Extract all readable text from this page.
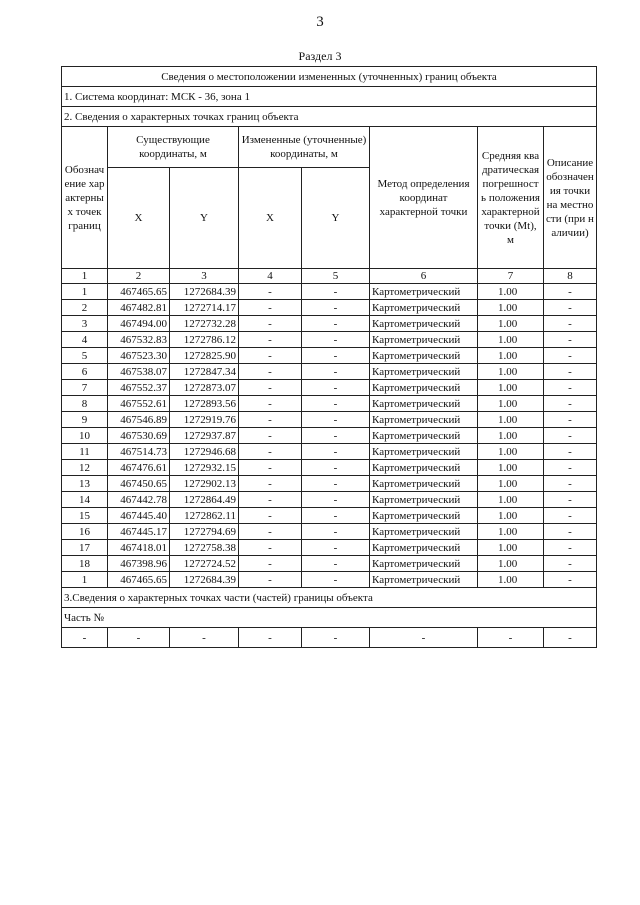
3
Раздел 3
Сведения о местоположении измененных (уточненных) границ объекта							
1. Система координат: МСК - 36, зона 1							
2. Сведения о характерных точках границ объекта							
Обозначение характерных точек границ	Существующие координаты, м		Измененные (уточненные) координаты, м		Метод определения координат характерной точки	Средняя квадратическая погрешность положения характерной точки (Mt), м	Описание обозначения точки на местности (при наличии)
	X	Y	X	Y			
1	2	3	4	5	6	7	8
1	467465.65	1272684.39	-	-	Картометрический	1.00	-
2	467482.81	1272714.17	-	-	Картометрический	1.00	-
3	467494.00	1272732.28	-	-	Картометрический	1.00	-
4	467532.83	1272786.12	-	-	Картометрический	1.00	-
5	467523.30	1272825.90	-	-	Картометрический	1.00	-
6	467538.07	1272847.34	-	-	Картометрический	1.00	-
7	467552.37	1272873.07	-	-	Картометрический	1.00	-
8	467552.61	1272893.56	-	-	Картометрический	1.00	-
9	467546.89	1272919.76	-	-	Картометрический	1.00	-
10	467530.69	1272937.87	-	-	Картометрический	1.00	-
11	467514.73	1272946.68	-	-	Картометрический	1.00	-
12	467476.61	1272932.15	-	-	Картометрический	1.00	-
13	467450.65	1272902.13	-	-	Картометрический	1.00	-
14	467442.78	1272864.49	-	-	Картометрический	1.00	-
15	467445.40	1272862.11	-	-	Картометрический	1.00	-
16	467445.17	1272794.69	-	-	Картометрический	1.00	-
17	467418.01	1272758.38	-	-	Картометрический	1.00	-
18	467398.96	1272724.52	-	-	Картометрический	1.00	-
1	467465.65	1272684.39	-	-	Картометрический	1.00	-
3.Сведения о характерных точках части (частей) границы объекта							
Часть №							
-	-	-	-	-	-	-	-
